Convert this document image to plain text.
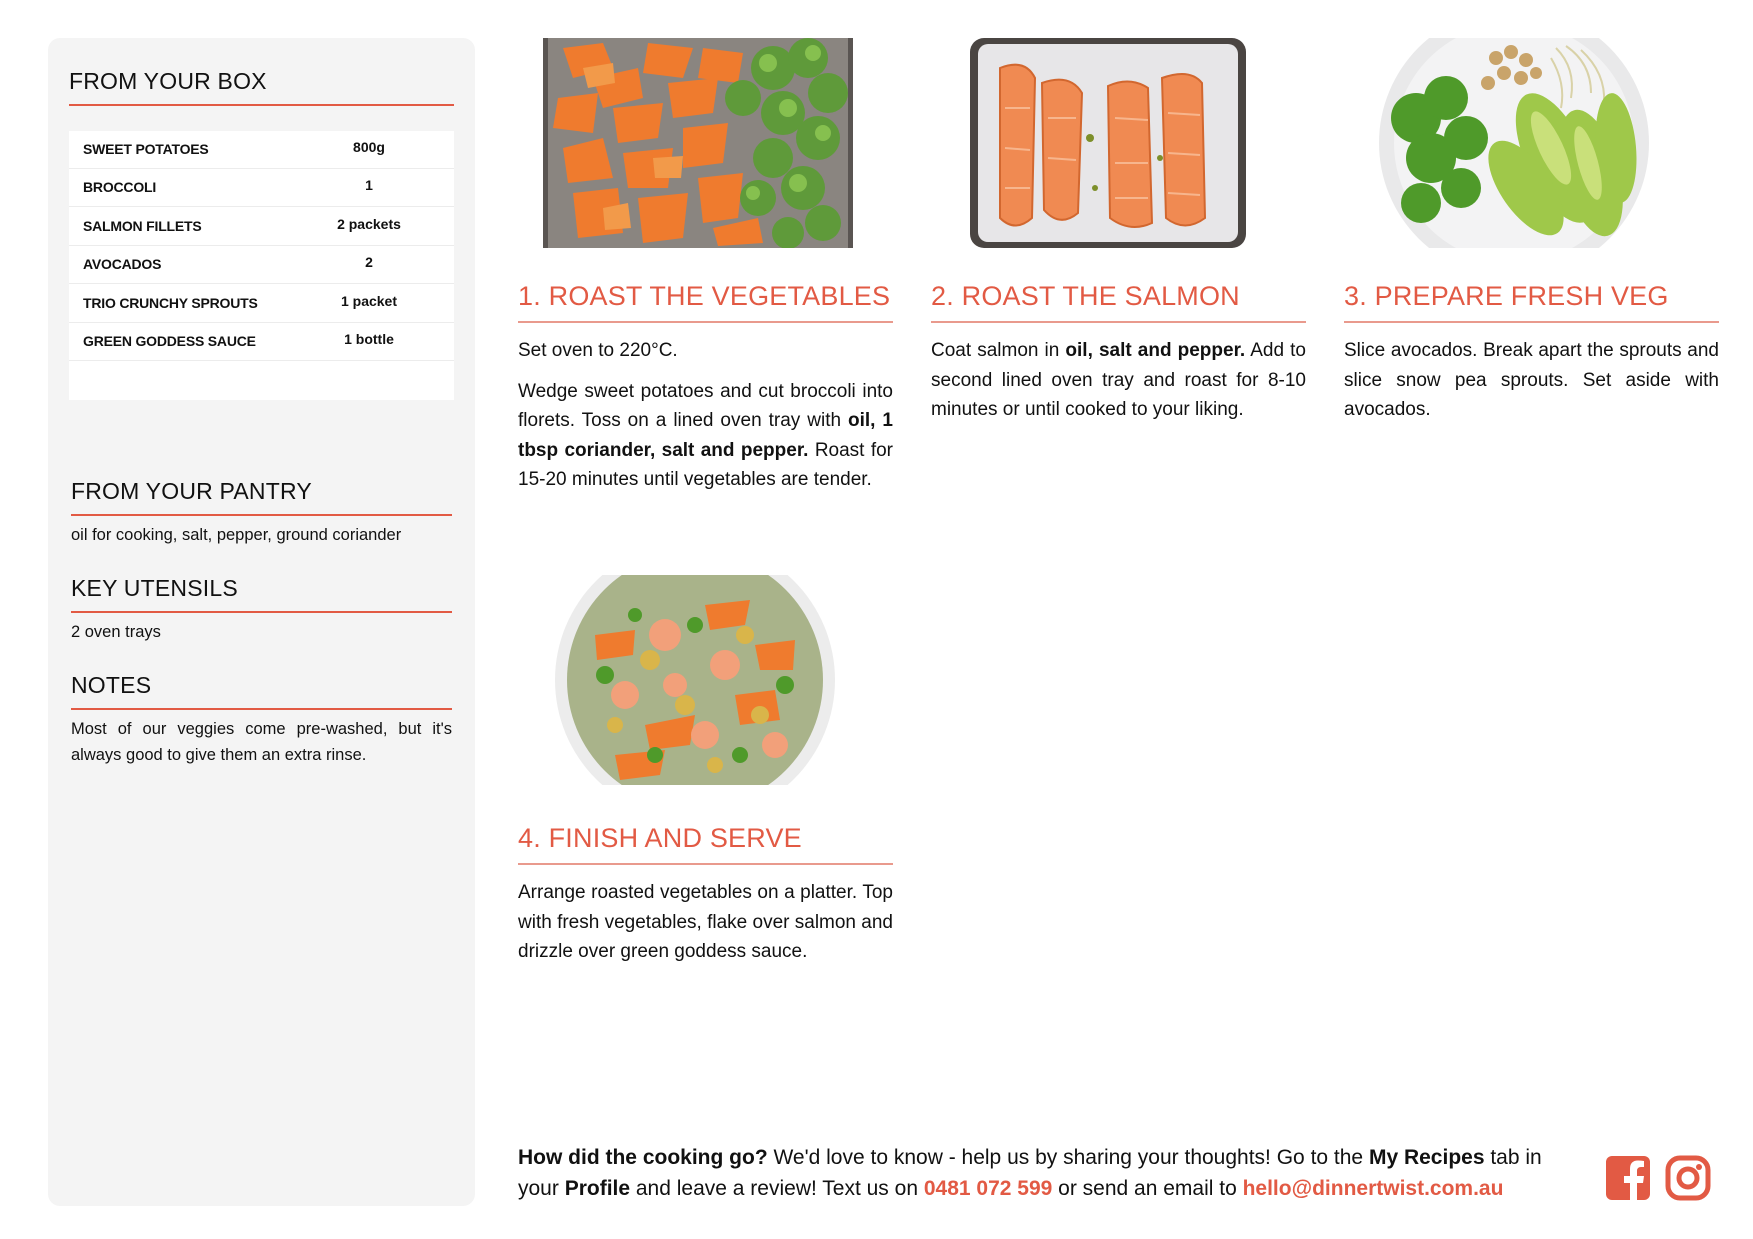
FROM YOUR BOX
SWEET POTATOES	800g
BROCCOLI	1
SALMON FILLETS	2 packets
AVOCADOS	2
TRIO CRUNCHY SPROUTS	1 packet
GREEN GODDESS SAUCE	1 bottle
FROM YOUR PANTRY
oil for cooking, salt, pepper, ground coriander
KEY UTENSILS
2 oven trays
NOTES
Most of our veggies come pre-washed, but it's always good to give them an extra rinse.
1. ROAST THE VEGETABLES

Set oven to 220°C.

Wedge sweet potatoes and cut broccoli into florets. Toss on a lined oven tray with oil, 1 tbsp coriander, salt and pepper. Roast for 15-20 minutes until vegetables are tender.

2. ROAST THE SALMON

Coat salmon in oil, salt and pepper. Add to second lined oven tray and roast for 8-10 minutes or until cooked to your liking.

3. PREPARE FRESH VEG

Slice avocados. Break apart the sprouts and slice snow pea sprouts. Set aside with avocados.

4. FINISH AND SERVE

Arrange roasted vegetables on a platter. Top with fresh vegetables, flake over salmon and drizzle over green goddess sauce.

How did the cooking go? We'd love to know - help us by sharing your thoughts! Go to the My Recipes tab in your Profile and leave a review! Text us on 0481 072 599 or send an email to hello@dinnertwist.com.au
